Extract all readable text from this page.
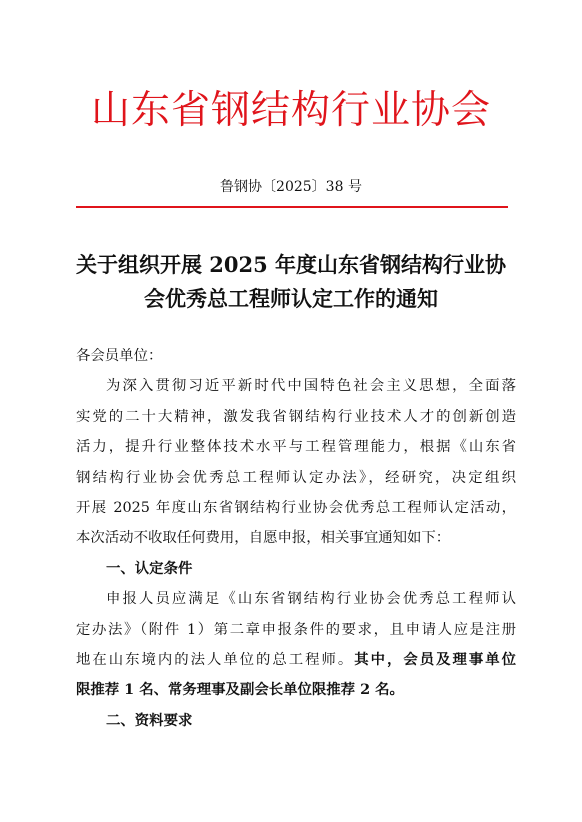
山东省钢结构行业协会
鲁钢协〔2025〕38 号
关于组织开展 2025 年度山东省钢结构行业协
会优秀总工程师认定工作的通知
各会员单位：
为深入贯彻习近平新时代中国特色社会主义思想，全面落
实党的二十大精神，激发我省钢结构行业技术人才的创新创造
活力，提升行业整体技术水平与工程管理能力，根据《山东省
钢结构行业协会优秀总工程师认定办法》，经研究，决定组织
开展 2025 年度山东省钢结构行业协会优秀总工程师认定活动，
本次活动不收取任何费用，自愿申报，相关事宜通知如下：
一、认定条件
申报人员应满足《山东省钢结构行业协会优秀总工程师认
定办法》（附件 1）第二章申报条件的要求，且申请人应是注册
地在山东境内的法人单位的总工程师。其中，会员及理事单位
限推荐 1 名、常务理事及副会长单位限推荐 2 名。
二、资料要求
